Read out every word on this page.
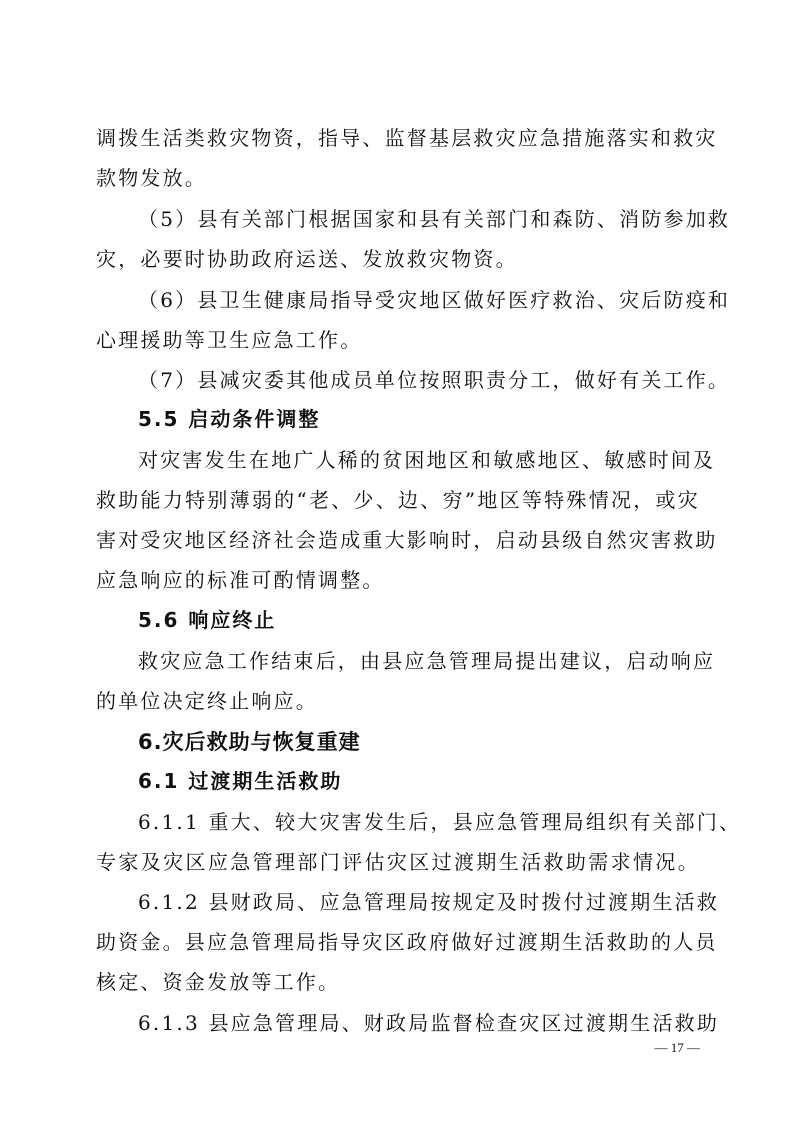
调拨生活类救灾物资，指导、监督基层救灾应急措施落实和救灾
款物发放。
（5）县有关部门根据国家和县有关部门和森防、消防参加救
灾，必要时协助政府运送、发放救灾物资。
（6）县卫生健康局指导受灾地区做好医疗救治、灾后防疫和
心理援助等卫生应急工作。
（7）县减灾委其他成员单位按照职责分工，做好有关工作。
5.5 启动条件调整
对灾害发生在地广人稀的贫困地区和敏感地区、敏感时间及
救助能力特别薄弱的“老、少、边、穷”地区等特殊情况，或灾
害对受灾地区经济社会造成重大影响时，启动县级自然灾害救助
应急响应的标准可酌情调整。
5.6 响应终止
救灾应急工作结束后，由县应急管理局提出建议，启动响应
的单位决定终止响应。
6.灾后救助与恢复重建
6.1 过渡期生活救助
6.1.1 重大、较大灾害发生后，县应急管理局组织有关部门、
专家及灾区应急管理部门评估灾区过渡期生活救助需求情况。
6.1.2 县财政局、应急管理局按规定及时拨付过渡期生活救
助资金。县应急管理局指导灾区政府做好过渡期生活救助的人员
核定、资金发放等工作。
6.1.3 县应急管理局、财政局监督检查灾区过渡期生活救助
— 17 —
